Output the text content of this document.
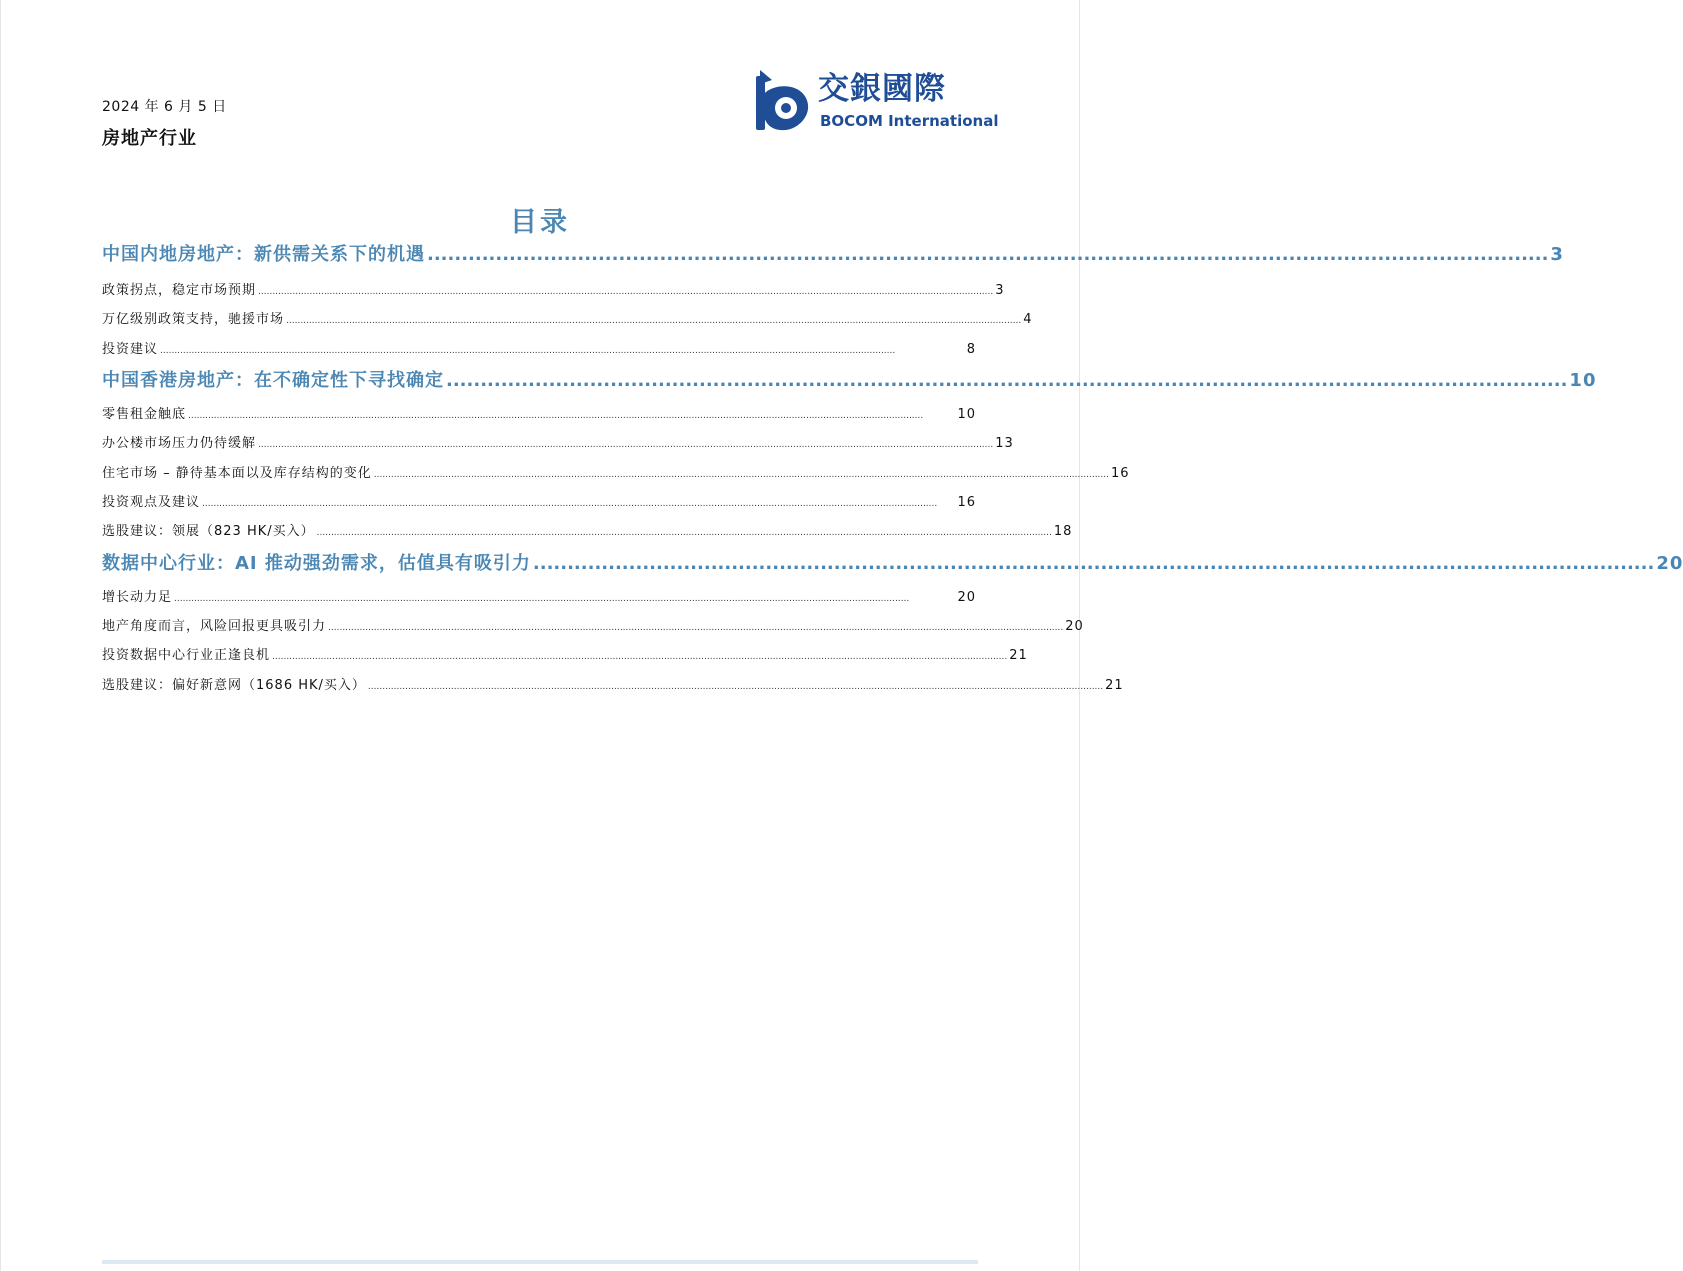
2024 年 6 月 5 日
房地产行业
交銀國際
BOCOM International
目录
中国内地房地产：新供需关系下的机遇 .................................................................................................................................................................... 3
政策拐点，稳定市场预期 ................................................................................................................................................................................................................................................................. 3
万亿级别政策支持，驰援市场 ................................................................................................................................................................................................................................................................. 4
投资建议 .................................................................................................................................................................................................................................................................	8
中国香港房地产：在不确定性下寻找确定 .................................................................................................................................................................... 10
零售租金触底 .................................................................................................................................................................................................................................................................	10
办公楼市场压力仍待缓解 ................................................................................................................................................................................................................................................................. 13
住宅市场 – 静待基本面以及库存结构的变化 ................................................................................................................................................................................................................................................................. 16
投资观点及建议 .................................................................................................................................................................................................................................................................	16
选股建议：领展（823 HK/买入） ................................................................................................................................................................................................................................................................. 18
数据中心行业：AI 推动强劲需求，估值具有吸引力 .................................................................................................................................................................... 20
增长动力足 .................................................................................................................................................................................................................................................................	20
地产角度而言，风险回报更具吸引力 ................................................................................................................................................................................................................................................................. 20
投资数据中心行业正逢良机 ................................................................................................................................................................................................................................................................. 21
选股建议：偏好新意网（1686 HK/买入） ................................................................................................................................................................................................................................................................. 21
